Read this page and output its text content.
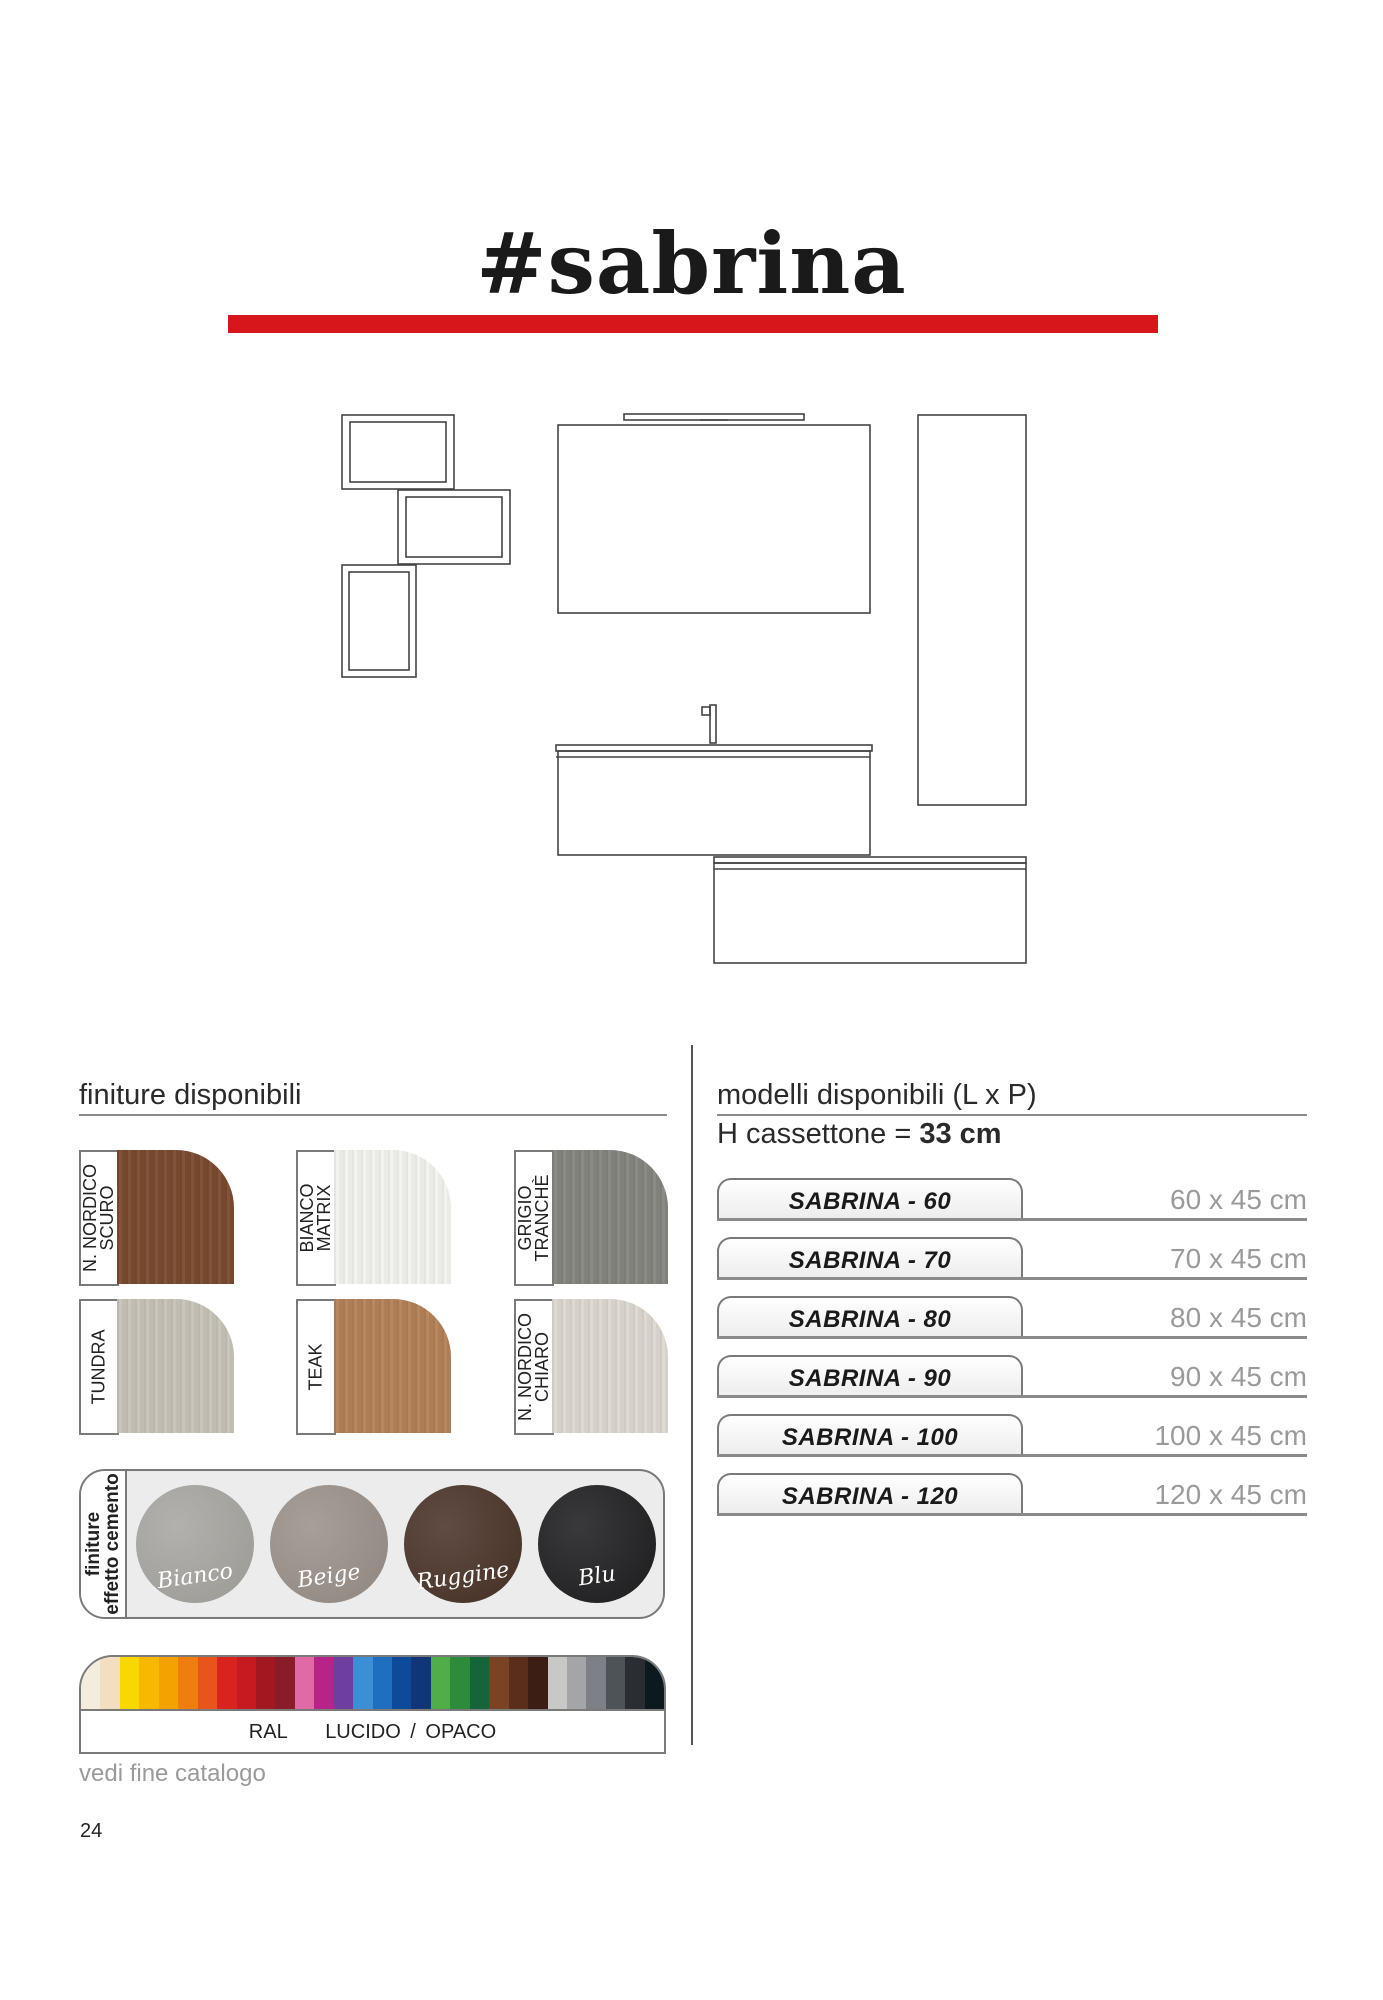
#sabrina
finiture disponibili
N. NORDICO
SCURO	BIANCO
MATRIX	GRIGIO
TRANCHÈ
TUNDRA	TEAK
N. NORDICO
CHIARO
finiture
effetto cemento
Bianco	Beige	Ruggine	Blu
RAL    LUCIDO / OPACO
vedi fine catalogo
24
modelli disponibili (L x P)
H cassettone = 33 cm
SABRINA - 60	60 x 45 cm
SABRINA - 70	70 x 45 cm
SABRINA - 80	80 x 45 cm
SABRINA - 90	90 x 45 cm
SABRINA - 100	100 x 45 cm
SABRINA - 120	120 x 45 cm
